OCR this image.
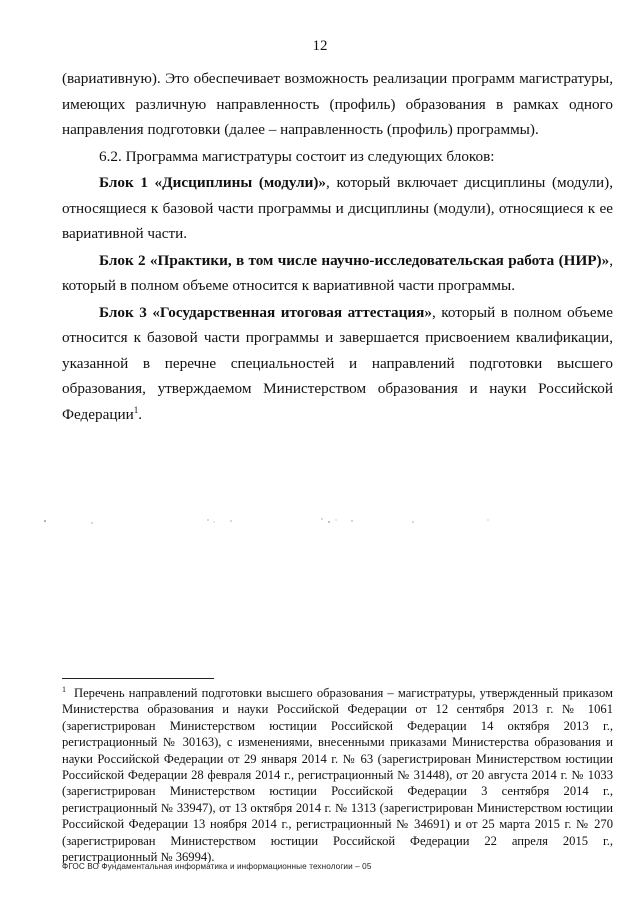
12

(вариативную). Это обеспечивает возможность реализации программ магистратуры, имеющих различную направленность (профиль) образования в рамках одного направления подготовки (далее – направленность (профиль) программы).

6.2. Программа магистратуры состоит из следующих блоков:

Блок 1 «Дисциплины (модули)», который включает дисциплины (модули), относящиеся к базовой части программы и дисциплины (модули), относящиеся к ее вариативной части.

Блок 2 «Практики, в том числе научно-исследовательская работа (НИР)», который в полном объеме относится к вариативной части программы.

Блок 3 «Государственная итоговая аттестация», который в полном объеме относится к базовой части программы и завершается присвоением квалификации, указанной в перечне специальностей и направлений подготовки высшего образования, утверждаемом Министерством образования и науки Российской Федерации$^1$.

$^1$ Перечень направлений подготовки высшего образования – магистратуры, утвержденный приказом Министерства образования и науки Российской Федерации от 12 сентября 2013 г. № 1061 (зарегистрирован Министерством юстиции Российской Федерации 14 октября 2013 г., регистрационный № 30163), с изменениями, внесенными приказами Министерства образования и науки Российской Федерации от 29 января 2014 г. № 63 (зарегистрирован Министерством юстиции Российской Федерации 28 февраля 2014 г., регистрационный № 31448), от 20 августа 2014 г. № 1033 (зарегистрирован Министерством юстиции Российской Федерации 3 сентября 2014 г., регистрационный № 33947), от 13 октября 2014 г. № 1313 (зарегистрирован Министерством юстиции Российской Федерации 13 ноября 2014 г., регистрационный № 34691) и от 25 марта 2015 г. № 270 (зарегистрирован Министерством юстиции Российской Федерации 22 апреля 2015 г., регистрационный № 36994).

ФГОС ВО Фундаментальная информатика и информационные технологии – 05
